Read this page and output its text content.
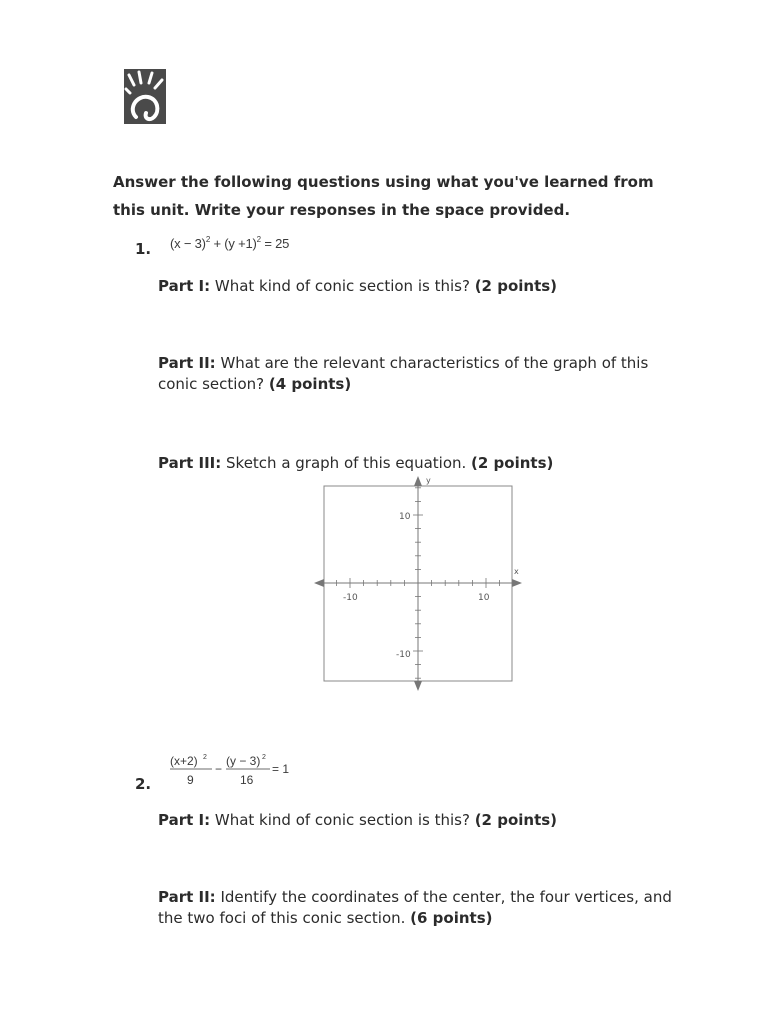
Answer the following questions using what you've learned from this unit. Write your responses in the space provided.

1. $(x - 3)^2 + (y +1)^2 = 25$

Part I: What kind of conic section is this? (2 points)

Part II: What are the relevant characteristics of the graph of this conic section? (4 points)

Part III: Sketch a graph of this equation. (2 points)

y
x
-10	10
10
-10
2.
(x+2) 2
9
−
(y − 3) 2
16
= 1

Part I: What kind of conic section is this? (2 points)

Part II: Identify the coordinates of the center, the four vertices, and the two foci of this conic section. (6 points)
